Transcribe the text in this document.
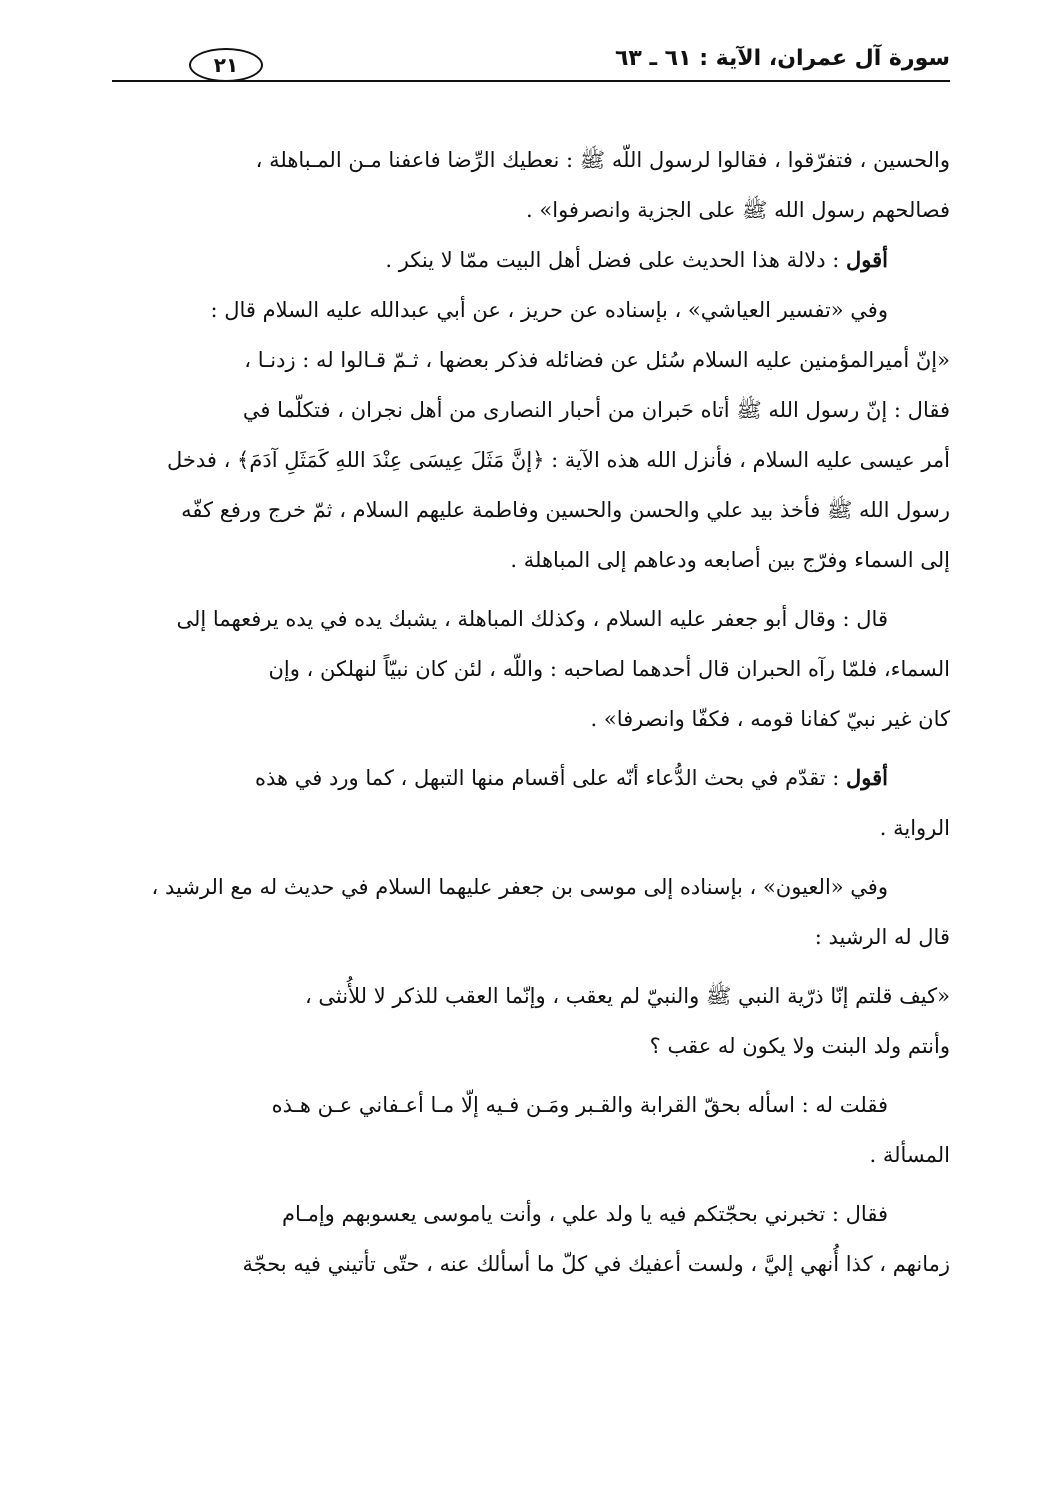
سورة آل عمران، الآية : ٦١ ـ ٦٣
٢١
والحسين ، فتفرّقوا ، فقالوا لرسول اللّه ﷺ : نعطيك الرِّضا فاعفنا مـن المـباهلة ،
فصالحهم رسول الله ﷺ على الجزية وانصرفوا» .
أقول : دلالة هذا الحديث على فضل أهل البيت ممّا لا ينكر .
وفي «تفسير العياشي» ، بإسناده عن حريز ، عن أبي عبدالله عليه السلام قال :
«إنّ أميرالمؤمنين عليه السلام سُئل عن فضائله فذكر بعضها ، ثـمّ قـالوا له : زدنـا ،
فقال : إنّ رسول الله ﷺ أتاه حَبران من أحبار النصارى من أهل نجران ، فتكلّما في
أمر عيسى عليه السلام ، فأنزل الله هذه الآية : ﴿إنَّ مَثَلَ عِيسَى عِنْدَ اللهِ كَمَثَلِ آدَمَ﴾ ، فدخل
رسول الله ﷺ فأخذ بيد علي والحسن والحسين وفاطمة عليهم السلام ، ثمّ خرج ورفع كفّه
إلى السماء وفرّج بين أصابعه ودعاهم إلى المباهلة .
قال : وقال أبو جعفر عليه السلام ، وكذلك المباهلة ، يشبك يده في يده يرفعهما إلى
السماء، فلمّا رآه الحبران قال أحدهما لصاحبه : واللّه ، لئن كان نبيّاً لنهلكن ، وإن
كان غير نبيّ كفانا قومه ، فكفّا وانصرفا» .
أقول : تقدّم في بحث الدُّعاء أنّه على أقسام منها التبهل ، كما ورد في هذه
الرواية .
وفي «العيون» ، بإسناده إلى موسى بن جعفر عليهما السلام في حديث له مع الرشيد ،
قال له الرشيد :
«كيف قلتم إنّا ذرّية النبي ﷺ والنبيّ لم يعقب ، وإنّما العقب للذكر لا للأُنثى ،
وأنتم ولد البنت ولا يكون له عقب ؟
فقلت له : اسأله بحقّ القرابة والقـبر ومَـن فـيه إلّا مـا أعـفاني عـن هـذه
المسألة .
فقال : تخبرني بحجّتكم فيه يا ولد علي ، وأنت ياموسى يعسوبهم وإمـام
زمانهم ، كذا أُنهي إليَّ ، ولست أعفيك في كلّ ما أسألك عنه ، حتّى تأتيني فيه بحجّة
